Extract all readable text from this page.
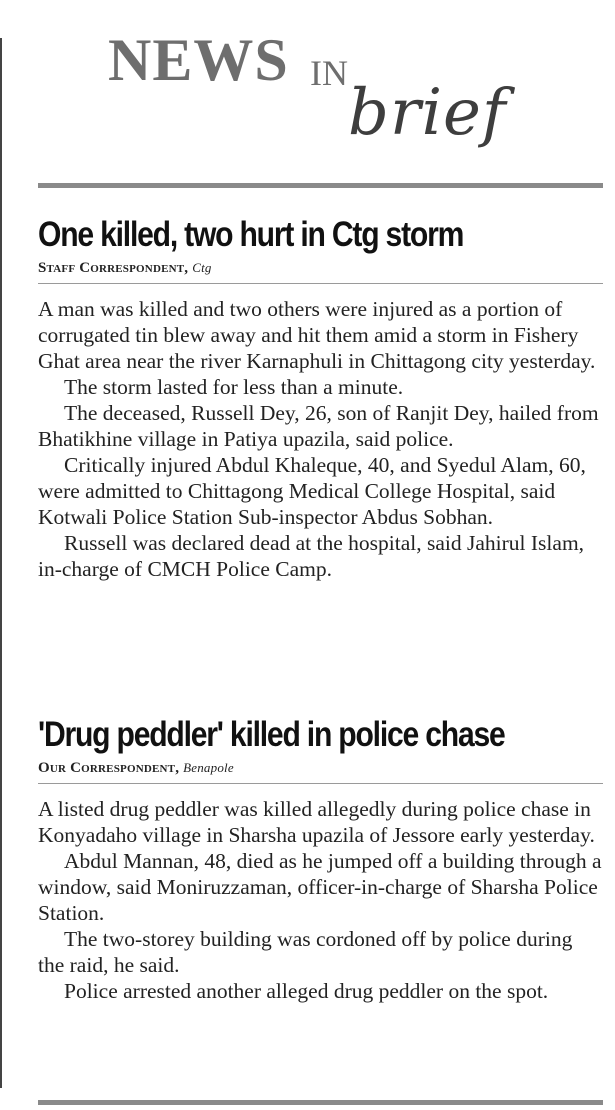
NEWS IN
brief
One killed, two hurt in Ctg storm
Staff Correspondent, Ctg

A man was killed and two others were injured as a portion of corrugated tin blew away and hit them amid a storm in Fishery Ghat area near the river Karnaphuli in Chittagong city yesterday.

The storm lasted for less than a minute.

The deceased, Russell Dey, 26, son of Ranjit Dey, hailed from Bhatikhine village in Patiya upazila, said police.

Critically injured Abdul Khaleque, 40, and Syedul Alam, 60, were admitted to Chittagong Medical College Hospital, said Kotwali Police Station Sub-inspector Abdus Sobhan.

Russell was declared dead at the hospital, said Jahirul Islam, in-charge of CMCH Police Camp.

'Drug peddler' killed in police chase
Our Correspondent, Benapole

A listed drug peddler was killed allegedly during police chase in Konyadaho village in Sharsha upazila of Jessore early yesterday.

Abdul Mannan, 48, died as he jumped off a building through a window, said Moniruzzaman, officer-in-charge of Sharsha Police Station.

The two-storey building was cordoned off by police during the raid, he said.

Police arrested another alleged drug peddler on the spot.
